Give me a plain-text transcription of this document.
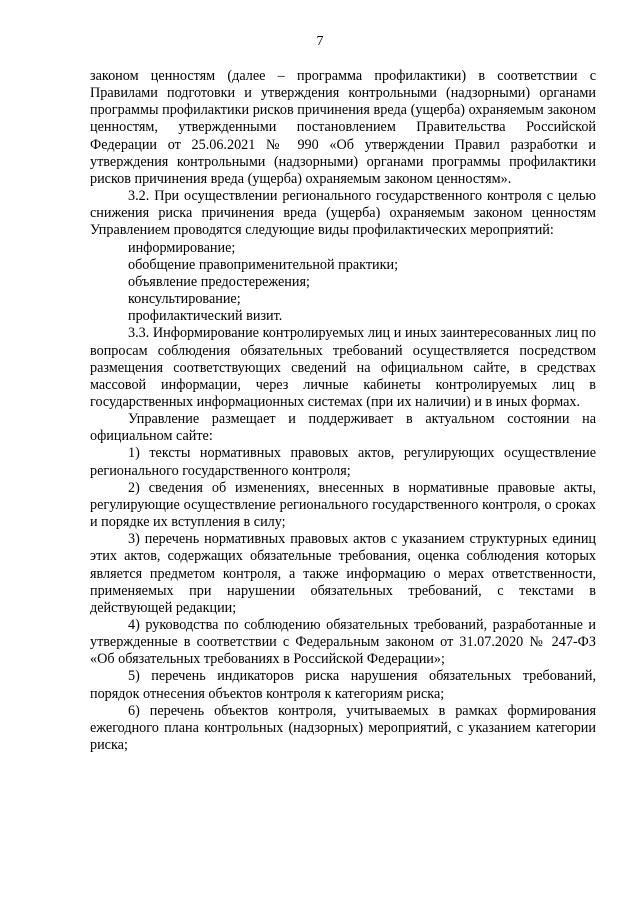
7

законом ценностям (далее – программа профилактики) в соответствии с Правилами подготовки и утверждения контрольными (надзорными) органами программы профилактики рисков причинения вреда (ущерба) охраняемым законом ценностям, утвержденными постановлением Правительства Российской Федерации от 25.06.2021 № 990 «Об утверждении Правил разработки и утверждения контрольными (надзорными) органами программы профилактики рисков причинения вреда (ущерба) охраняемым законом ценностям».

3.2. При осуществлении регионального государственного контроля с целью снижения риска причинения вреда (ущерба) охраняемым законом ценностям Управлением проводятся следующие виды профилактических мероприятий:

информирование;

обобщение правоприменительной практики;

объявление предостережения;

консультирование;

профилактический визит.

3.3. Информирование контролируемых лиц и иных заинтересованных лиц по вопросам соблюдения обязательных требований осуществляется посредством размещения соответствующих сведений на официальном сайте, в средствах массовой информации, через личные кабинеты контролируемых лиц в государственных информационных системах (при их наличии) и в иных формах.

Управление размещает и поддерживает в актуальном состоянии на официальном сайте:

1) тексты нормативных правовых актов, регулирующих осуществление регионального государственного контроля;

2) сведения об изменениях, внесенных в нормативные правовые акты, регулирующие осуществление регионального государственного контроля, о сроках и порядке их вступления в силу;

3) перечень нормативных правовых актов с указанием структурных единиц этих актов, содержащих обязательные требования, оценка соблюдения которых является предметом контроля, а также информацию о мерах ответственности, применяемых при нарушении обязательных требований, с текстами в действующей редакции;

4) руководства по соблюдению обязательных требований, разработанные и утвержденные в соответствии с Федеральным законом от 31.07.2020 № 247-ФЗ «Об обязательных требованиях в Российской Федерации»;

5) перечень индикаторов риска нарушения обязательных требований, порядок отнесения объектов контроля к категориям риска;

6) перечень объектов контроля, учитываемых в рамках формирования ежегодного плана контрольных (надзорных) мероприятий, с указанием категории риска;
